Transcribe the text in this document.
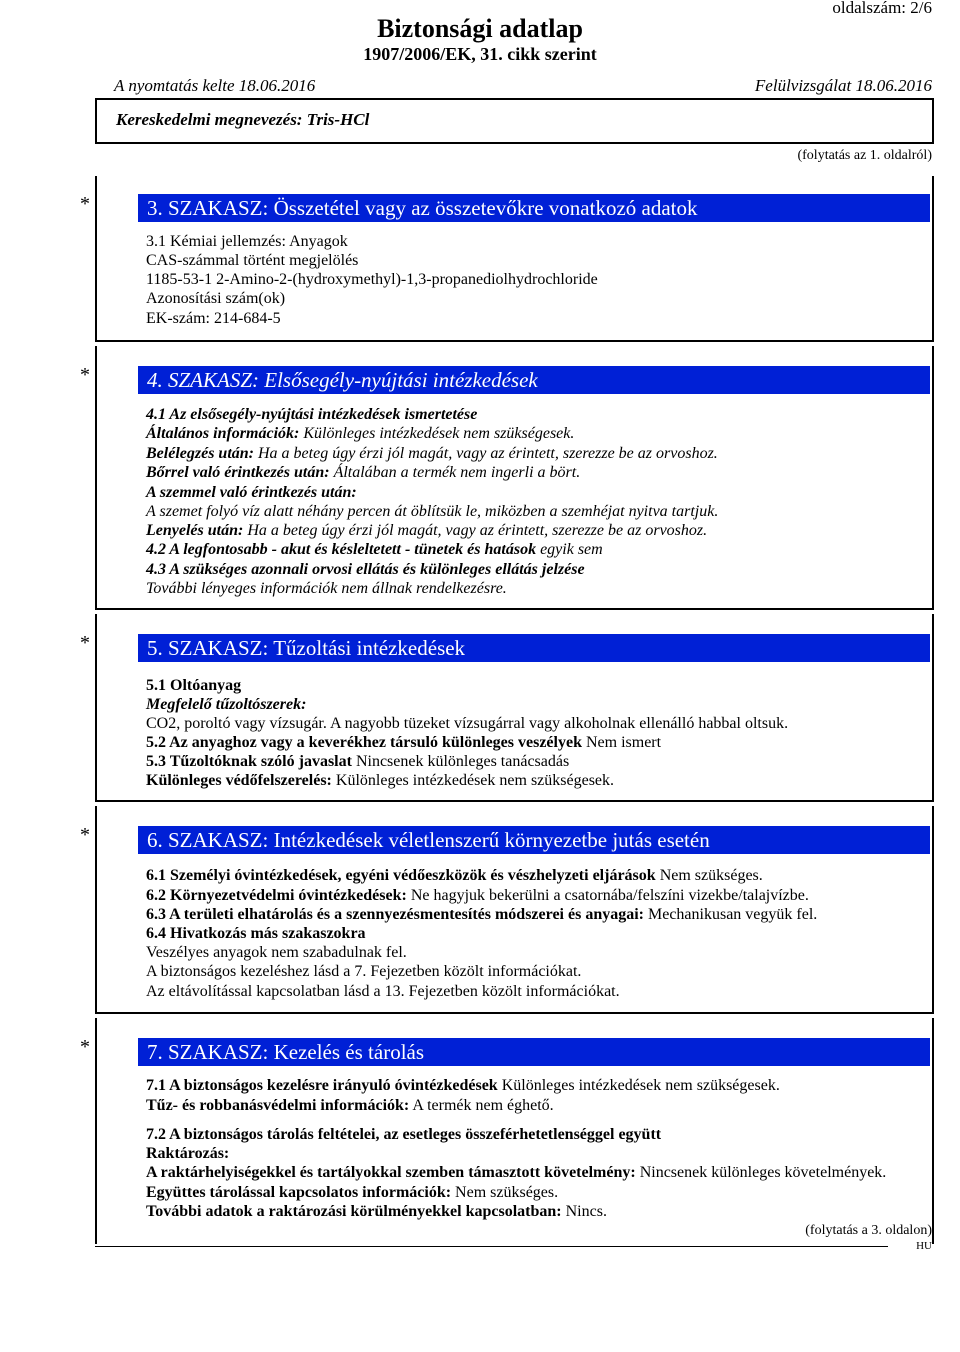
oldalszám: 2/6
Biztonsági adatlap
1907/2006/EK, 31. cikk szerint
A nyomtatás kelte 18.06.2016	Felülvizsgálat 18.06.2016
Kereskedelmi megnevezés: Tris-HCl
(folytatás az 1. oldalról)
*	3. SZAKASZ: Összetétel vagy az összetevőkre vonatkozó adatok
3.1 Kémiai jellemzés: Anyagok
CAS-számmal történt megjelölés
1185-53-1 2-Amino-2-(hydroxymethyl)-1,3-propanediolhydrochloride
Azonosítási szám(ok)
EK-szám: 214-684-5
*	4. SZAKASZ: Elsősegély-nyújtási intézkedések
4.1 Az elsősegély-nyújtási intézkedések ismertetése
Általános információk: Különleges intézkedések nem szükségesek.
Belélegzés után: Ha a beteg úgy érzi jól magát, vagy az érintett, szerezze be az orvoshoz.
Bőrrel való érintkezés után: Általában a termék nem ingerli a bört.
A szemmel való érintkezés után:
A szemet folyó víz alatt néhány percen át öblítsük le, miközben a szemhéjat nyitva tartjuk.
Lenyelés után: Ha a beteg úgy érzi jól magát, vagy az érintett, szerezze be az orvoshoz.
4.2 A legfontosabb - akut és késleltetett - tünetek és hatások egyik sem
4.3 A szükséges azonnali orvosi ellátás és különleges ellátás jelzése
További lényeges információk nem állnak rendelkezésre.
*	5. SZAKASZ: Tűzoltási intézkedések
5.1 Oltóanyag
Megfelelő tűzoltószerek:
CO2, poroltó vagy vízsugár. A nagyobb tüzeket vízsugárral vagy alkoholnak ellenálló habbal oltsuk.
5.2 Az anyaghoz vagy a keverékhez társuló különleges veszélyek Nem ismert
5.3 Tűzoltóknak szóló javaslat Nincsenek különleges tanácsadás
Különleges védőfelszerelés: Különleges intézkedések nem szükségesek.
*	6. SZAKASZ: Intézkedések véletlenszerű környezetbe jutás esetén
6.1 Személyi óvintézkedések, egyéni védőeszközök és vészhelyzeti eljárások Nem szükséges.
6.2 Környezetvédelmi óvintézkedések: Ne hagyjuk bekerülni a csatornába/felszíni vizekbe/talajvízbe.
6.3 A területi elhatárolás és a szennyezésmentesítés módszerei és anyagai: Mechanikusan vegyük fel.
6.4 Hivatkozás más szakaszokra
Veszélyes anyagok nem szabadulnak fel.
A biztonságos kezeléshez lásd a 7. Fejezetben közölt információkat.
Az eltávolítással kapcsolatban lásd a 13. Fejezetben közölt információkat.
*	7. SZAKASZ: Kezelés és tárolás
7.1 A biztonságos kezelésre irányuló óvintézkedések Különleges intézkedések nem szükségesek.
Tűz- és robbanásvédelmi információk: A termék nem éghető.
7.2 A biztonságos tárolás feltételei, az esetleges összeférhetetlenséggel együtt
Raktározás:
A raktárhelyiségekkel és tartályokkal szemben támasztott követelmény: Nincsenek különleges követelmények.
Együttes tárolással kapcsolatos információk: Nem szükséges.
További adatok a raktározási körülményekkel kapcsolatban: Nincs.
(folytatás a 3. oldalon)
HU
